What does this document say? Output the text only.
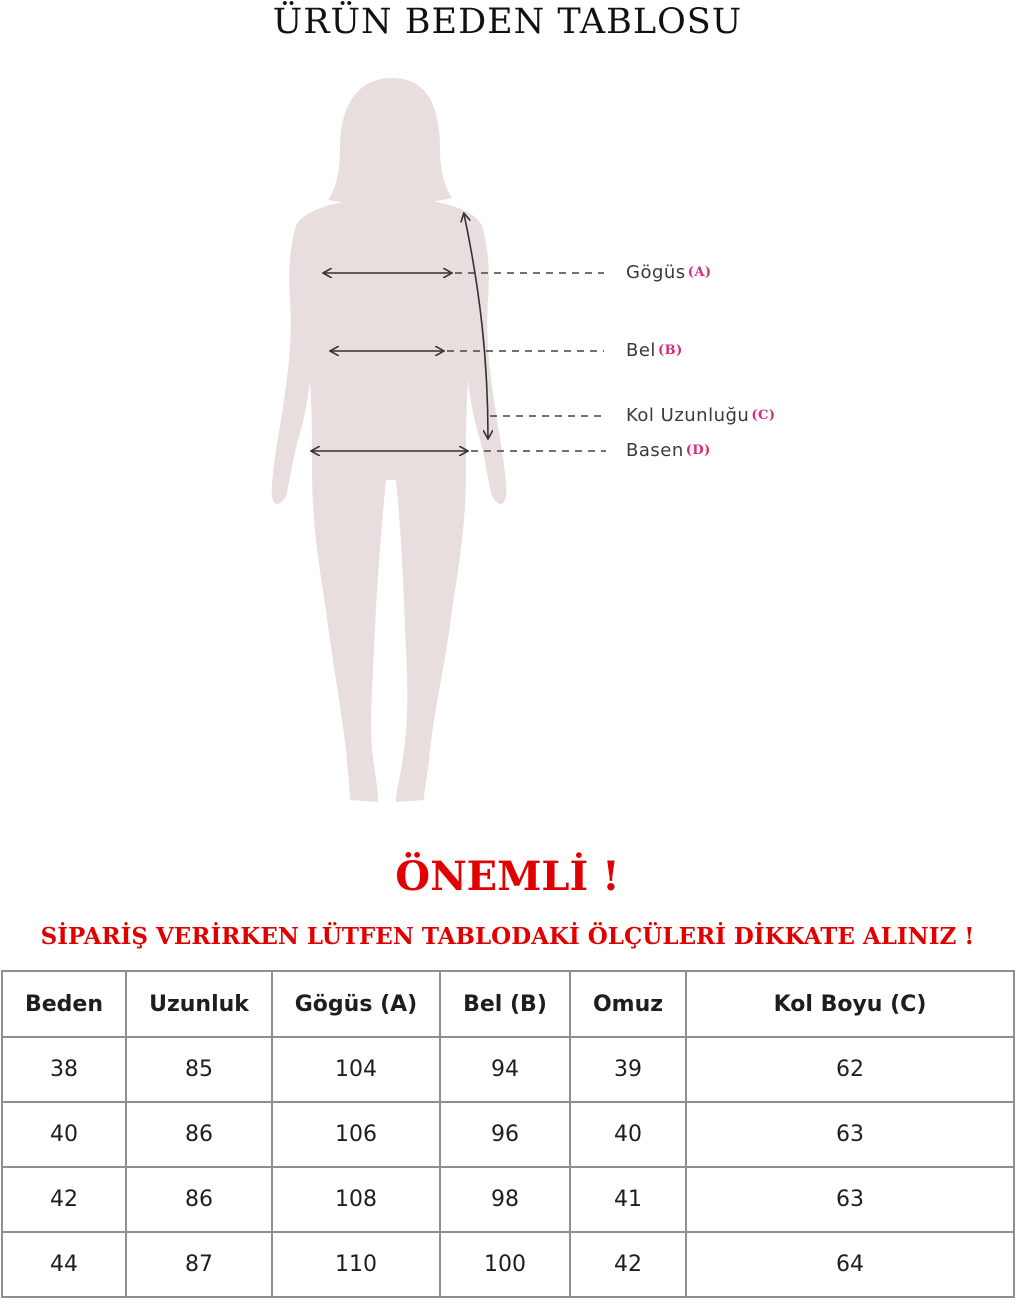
ÜRÜN BEDEN TABLOSU
Gögüs (A)
Bel (B)
Kol Uzunluğu (C)
Basen (D)
ÖNEMLİ !
SİPARİŞ VERİRKEN LÜTFEN TABLODAKİ ÖLÇÜLERİ DİKKATE ALINIZ !
Beden	Uzunluk	Gögüs (A)	Bel (B)	Omuz	Kol Boyu (C)
38	85	104	94	39	62
40	86	106	96	40	63
42	86	108	98	41	63
44	87	110	100	42	64
